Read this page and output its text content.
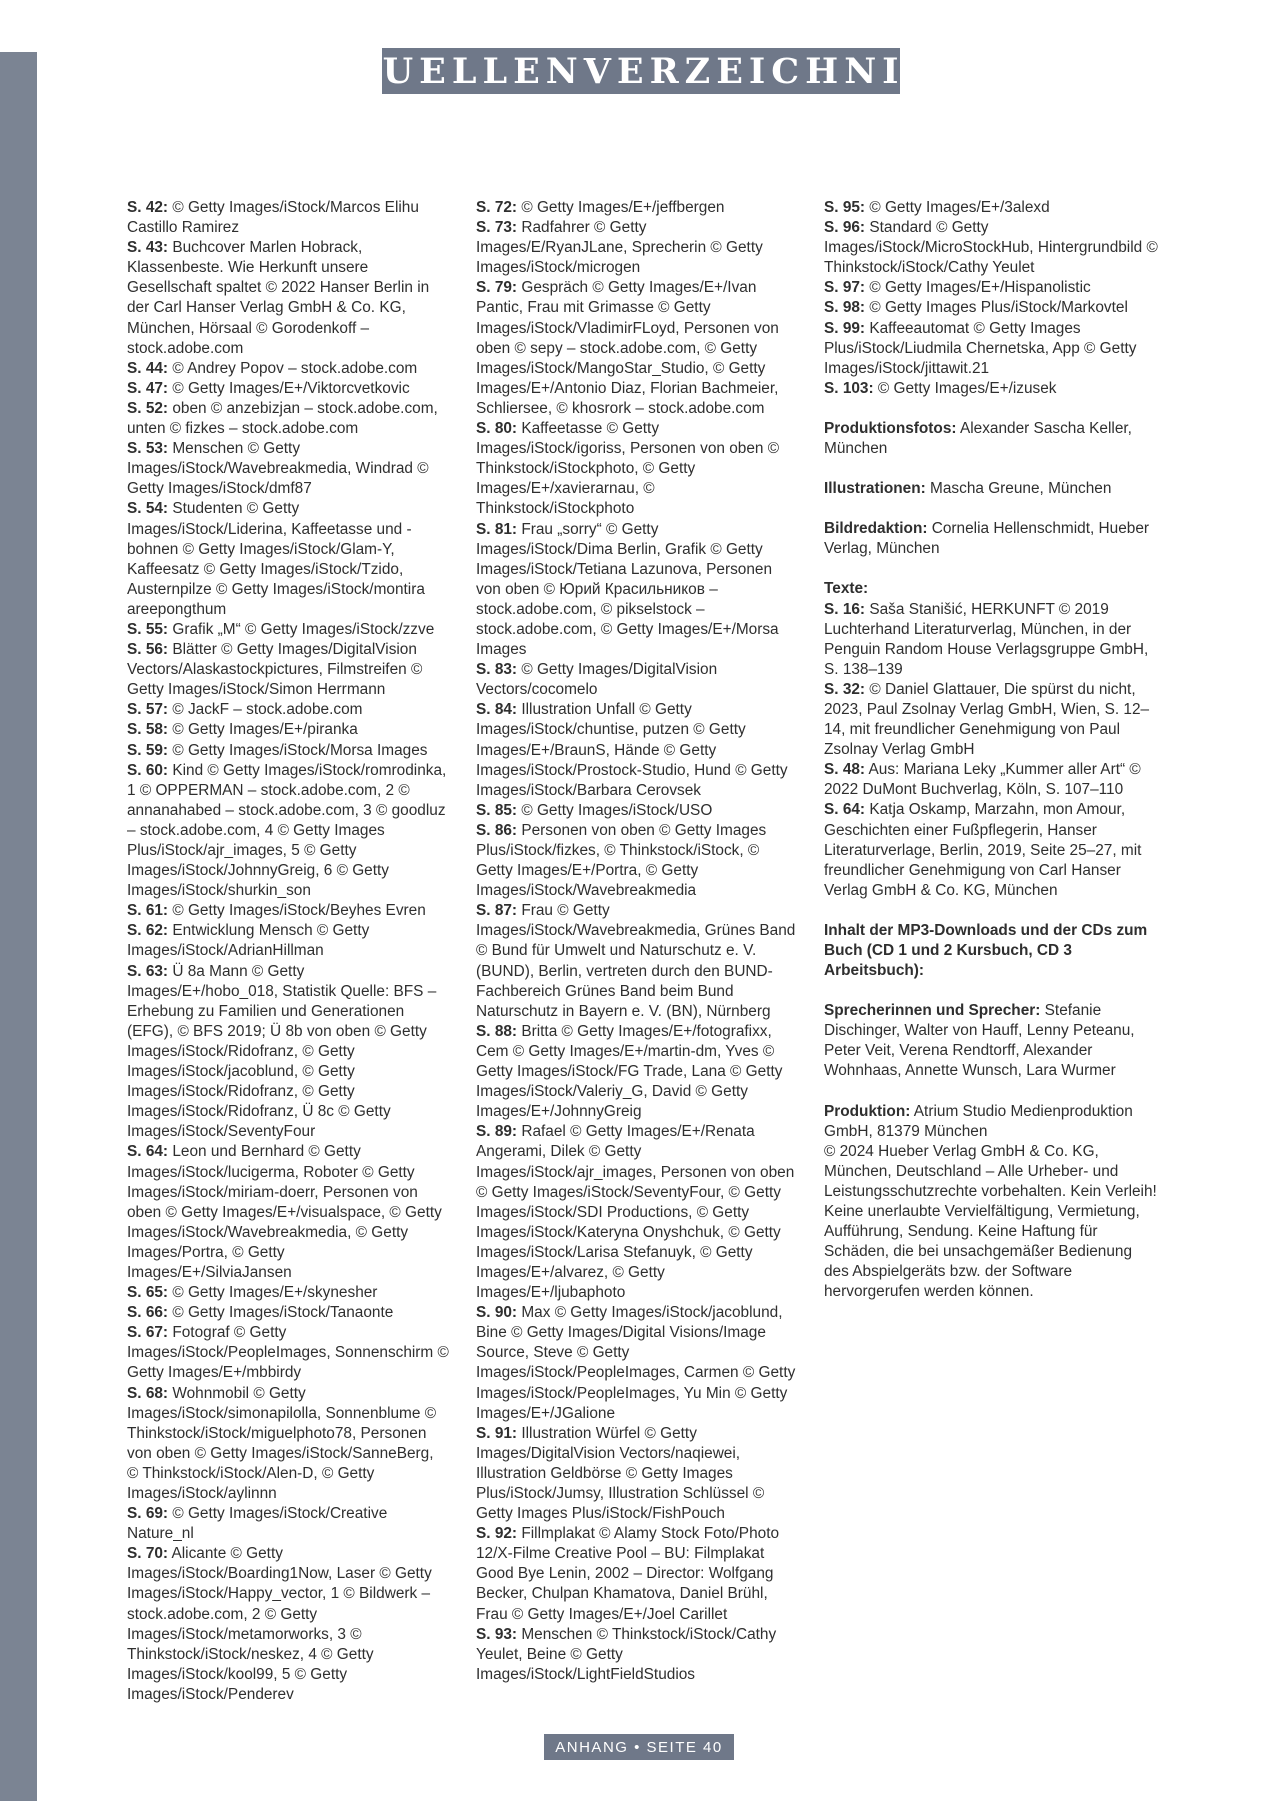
QUELLENVERZEICHNIS

S. 42: © Getty Images/iStock/Marcos Elihu Castillo Ramirez

S. 43: Buchcover Marlen Hobrack, Klassenbeste. Wie Herkunft unsere Gesellschaft spaltet © 2022 Hanser Berlin in der Carl Hanser Verlag GmbH & Co. KG, München, Hörsaal © Gorodenkoff – stock.adobe.com

S. 44: © Andrey Popov – stock.adobe.com

S. 47: © Getty Images/E+/Viktorcvetkovic

S. 52: oben © anzebizjan – stock.adobe.com, unten © fizkes – stock.adobe.com

S. 53: Menschen © Getty Images/iStock/Wavebreakmedia, Windrad © Getty Images/iStock/dmf87

S. 54: Studenten © Getty Images/iStock/Liderina, Kaffeetasse und -bohnen © Getty Images/iStock/Glam-Y, Kaffeesatz © Getty Images/iStock/Tzido, Austernpilze © Getty Images/iStock/montira areepongthum

S. 55: Grafik „M“ © Getty Images/iStock/zzve

S. 56: Blätter © Getty Images/DigitalVision Vectors/Alaskastockpictures, Filmstreifen © Getty Images/iStock/Simon Herrmann

S. 57: © JackF – stock.adobe.com

S. 58: © Getty Images/E+/piranka

S. 59: © Getty Images/iStock/Morsa Images

S. 60: Kind © Getty Images/iStock/romrodinka, 1 © OPPERMAN – stock.adobe.com, 2 © annanahabed – stock.adobe.com, 3 © goodluz – stock.adobe.com, 4 © Getty Images Plus/iStock/ajr_images, 5 © Getty Images/iStock/JohnnyGreig, 6 © Getty Images/iStock/shurkin_son

S. 61: © Getty Images/iStock/Beyhes Evren

S. 62: Entwicklung Mensch © Getty Images/iStock/AdrianHillman

S. 63: Ü 8a Mann © Getty Images/E+/hobo_018, Statistik Quelle: BFS – Erhebung zu Familien und Generationen (EFG), © BFS 2019; Ü 8b von oben © Getty Images/iStock/Ridofranz, © Getty Images/iStock/jacoblund, © Getty Images/iStock/Ridofranz, © Getty Images/iStock/Ridofranz, Ü 8c © Getty Images/iStock/SeventyFour

S. 64: Leon und Bernhard © Getty Images/iStock/lucigerma, Roboter © Getty Images/iStock/miriam-doerr, Personen von oben © Getty Images/E+/visualspace, © Getty Images/iStock/Wavebreakmedia, © Getty Images/Portra, © Getty Images/E+/SilviaJansen

S. 65: © Getty Images/E+/skynesher

S. 66: © Getty Images/iStock/Tanaonte

S. 67: Fotograf © Getty Images/iStock/PeopleImages, Sonnenschirm © Getty Images/E+/mbbirdy

S. 68: Wohnmobil © Getty Images/iStock/simonapilolla, Sonnenblume © Thinkstock/iStock/miguelphoto78, Personen von oben © Getty Images/iStock/SanneBerg, © Thinkstock/iStock/Alen-D, © Getty Images/iStock/aylinnn

S. 69: © Getty Images/iStock/Creative Nature_nl

S. 70: Alicante © Getty Images/iStock/Boarding1Now, Laser © Getty Images/iStock/Happy_vector, 1 © Bildwerk – stock.adobe.com, 2 © Getty Images/iStock/metamorworks, 3 © Thinkstock/iStock/neskez, 4 © Getty Images/iStock/kool99, 5 © Getty Images/iStock/Penderev

S. 72: © Getty Images/E+/jeffbergen

S. 73: Radfahrer © Getty Images/E/RyanJLane, Sprecherin © Getty Images/iStock/microgen

S. 79: Gespräch © Getty Images/E+/Ivan Pantic, Frau mit Grimasse © Getty Images/iStock/VladimirFLoyd, Personen von oben © sepy – stock.adobe.com, © Getty Images/iStock/MangoStar_Studio, © Getty Images/E+/Antonio Diaz, Florian Bachmeier, Schliersee, © khosrork – stock.adobe.com

S. 80: Kaffeetasse © Getty Images/iStock/igoriss, Personen von oben © Thinkstock/iStockphoto, © Getty Images/E+/xavierarnau, © Thinkstock/iStockphoto

S. 81: Frau „sorry“ © Getty Images/iStock/Dima Berlin, Grafik © Getty Images/iStock/Tetiana Lazunova, Personen von oben © Юрий Красильников – stock.adobe.com, © pikselstock – stock.adobe.com, © Getty Images/E+/Morsa Images

S. 83: © Getty Images/DigitalVision Vectors/cocomelo

S. 84: Illustration Unfall © Getty Images/iStock/chuntise, putzen © Getty Images/E+/BraunS, Hände © Getty Images/iStock/Prostock-Studio, Hund © Getty Images/iStock/Barbara Cerovsek

S. 85: © Getty Images/iStock/USO

S. 86: Personen von oben © Getty Images Plus/iStock/fizkes, © Thinkstock/iStock, © Getty Images/E+/Portra, © Getty Images/iStock/Wavebreakmedia

S. 87: Frau © Getty Images/iStock/Wavebreakmedia, Grünes Band © Bund für Umwelt und Naturschutz e. V. (BUND), Berlin, vertreten durch den BUND-Fachbereich Grünes Band beim Bund Naturschutz in Bayern e. V. (BN), Nürnberg

S. 88: Britta © Getty Images/E+/fotografixx, Cem © Getty Images/E+/martin-dm, Yves © Getty Images/iStock/FG Trade, Lana © Getty Images/iStock/Valeriy_G, David © Getty Images/E+/JohnnyGreig

S. 89: Rafael © Getty Images/E+/Renata Angerami, Dilek © Getty Images/iStock/ajr_images, Personen von oben © Getty Images/iStock/SeventyFour, © Getty Images/iStock/SDI Productions, © Getty Images/iStock/Kateryna Onyshchuk, © Getty Images/iStock/Larisa Stefanuyk, © Getty Images/E+/alvarez, © Getty Images/E+/ljubaphoto

S. 90: Max © Getty Images/iStock/jacoblund, Bine © Getty Images/Digital Visions/Image Source, Steve © Getty Images/iStock/PeopleImages, Carmen © Getty Images/iStock/PeopleImages, Yu Min © Getty Images/E+/JGalione

S. 91: Illustration Würfel © Getty Images/DigitalVision Vectors/naqiewei, Illustration Geldbörse © Getty Images Plus/iStock/Jumsy, Illustration Schlüssel © Getty Images Plus/iStock/FishPouch

S. 92: Fillmplakat © Alamy Stock Foto/Photo 12/X-Filme Creative Pool – BU: Filmplakat Good Bye Lenin, 2002 – Director: Wolfgang Becker, Chulpan Khamatova, Daniel Brühl, Frau © Getty Images/E+/Joel Carillet

S. 93: Menschen © Thinkstock/iStock/Cathy Yeulet, Beine © Getty Images/iStock/LightFieldStudios

S. 95: © Getty Images/E+/3alexd

S. 96: Standard © Getty Images/iStock/MicroStockHub, Hintergrundbild © Thinkstock/iStock/Cathy Yeulet

S. 97: © Getty Images/E+/Hispanolistic

S. 98: © Getty Images Plus/iStock/Markovtel

S. 99: Kaffeeautomat © Getty Images Plus/iStock/Liudmila Chernetska, App © Getty Images/iStock/jittawit.21

S. 103: © Getty Images/E+/izusek

Produktionsfotos: Alexander Sascha Keller, München

Illustrationen: Mascha Greune, München

Bildredaktion: Cornelia Hellenschmidt, Hueber Verlag, München

Texte:

S. 16: Saša Stanišić, HERKUNFT © 2019 Luchterhand Literaturverlag, München, in der Penguin Random House Verlagsgruppe GmbH, S. 138–139

S. 32: © Daniel Glattauer, Die spürst du nicht, 2023, Paul Zsolnay Verlag GmbH, Wien, S. 12–14, mit freundlicher Genehmigung von Paul Zsolnay Verlag GmbH

S. 48: Aus: Mariana Leky „Kummer aller Art“ © 2022 DuMont Buchverlag, Köln, S. 107–110

S. 64: Katja Oskamp, Marzahn, mon Amour, Geschichten einer Fußpflegerin, Hanser Literaturverlage, Berlin, 2019, Seite 25–27, mit freundlicher Genehmigung von Carl Hanser Verlag GmbH & Co. KG, München

Inhalt der MP3-Downloads und der CDs zum Buch (CD 1 und 2 Kursbuch, CD 3 Arbeitsbuch):

Sprecherinnen und Sprecher: Stefanie Dischinger, Walter von Hauff, Lenny Peteanu, Peter Veit, Verena Rendtorff, Alexander Wohnhaas, Annette Wunsch, Lara Wurmer

Produktion: Atrium Studio Medienproduktion GmbH, 81379 München

© 2024 Hueber Verlag GmbH & Co. KG, München, Deutschland – Alle Urheber- und Leistungsschutzrechte vorbehalten. Kein Verleih! Keine unerlaubte Vervielfältigung, Vermietung, Aufführung, Sendung. Keine Haftung für Schäden, die bei unsachgemäßer Bedienung des Abspielgeräts bzw. der Software hervorgerufen werden können.

ANHANG • SEITE 40
